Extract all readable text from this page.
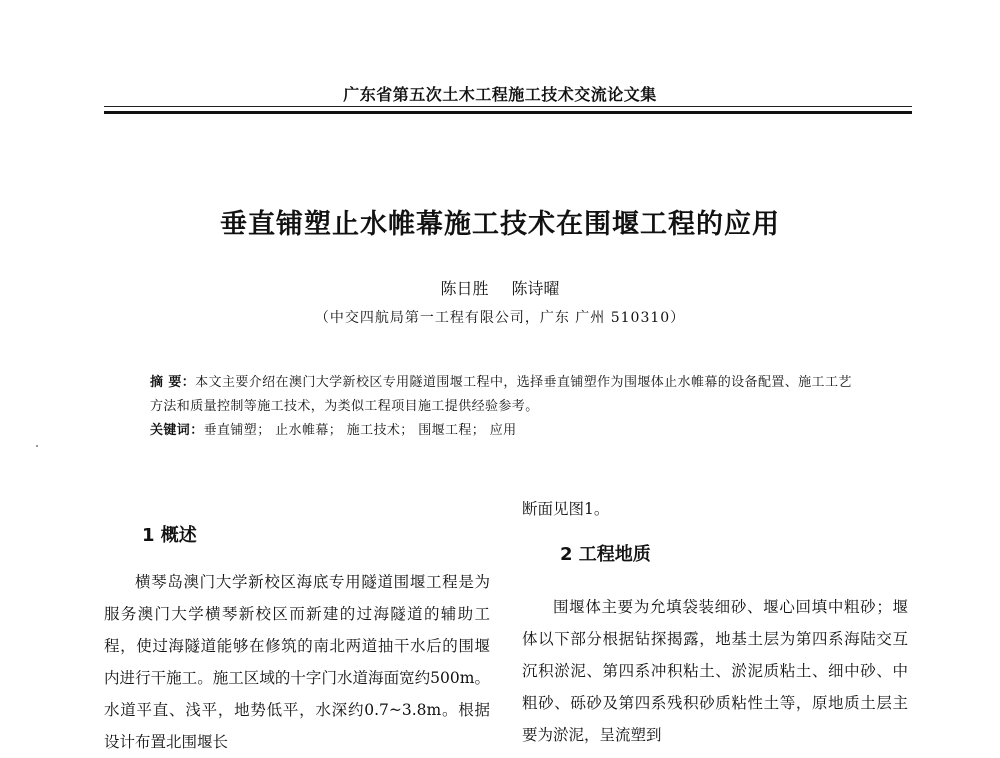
广东省第五次土木工程施工技术交流论文集
垂直铺塑止水帷幕施工技术在围堰工程的应用
陈日胜 陈诗曜
（中交四航局第一工程有限公司，广东 广州 510310）

摘 要：本文主要介绍在澳门大学新校区专用隧道围堰工程中，选择垂直铺塑作为围堰体止水帷幕的设备配置、施工工艺方法和质量控制等施工技术，为类似工程项目施工提供经验参考。

关键词：垂直铺塑； 止水帷幕； 施工技术； 围堰工程； 应用

1 概述

横琴岛澳门大学新校区海底专用隧道围堰工程是为服务澳门大学横琴新校区而新建的过海隧道的辅助工程，使过海隧道能够在修筑的南北两道抽干水后的围堰内进行干施工。施工区域的十字门水道海面宽约500m。水道平直、浅平，地势低平，水深约0.7~3.8m。根据设计布置北围堰长

断面见图1。

2 工程地质

围堰体主要为允填袋装细砂、堰心回填中粗砂；堰体以下部分根据钻探揭露，地基土层为第四系海陆交互沉积淤泥、第四系冲积粘土、淤泥质粘土、细中砂、中粗砂、砾砂及第四系残积砂质粘性土等，原地质土层主要为淤泥，呈流塑到
